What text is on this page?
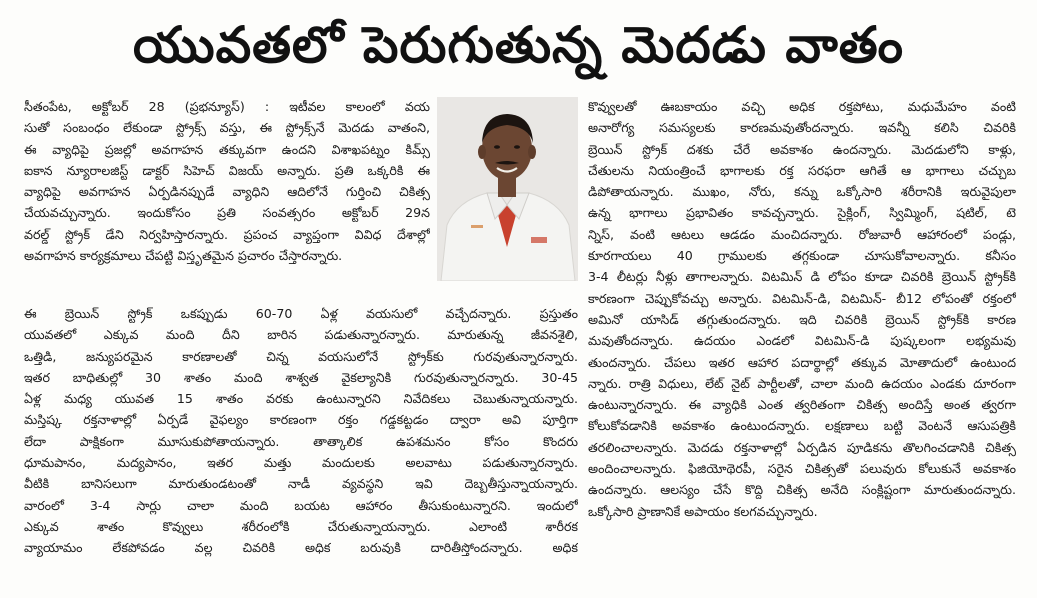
యువతలో పెరుగుతున్న మెదడు వాతం
సీతంపేట, అక్టోబర్ 28 (ప్రభన్యూస్) : ఇటీవల కాలంలో వయ
సుతో సంబంధం లేకుండా స్ట్రోక్స్ వస్తు, ఈ స్ట్రోక్స్‌నే మెదడు వాతంని,
ఈ వ్యాధిపై ప్రజల్లో అవగాహన తక్కువగా ఉందని విశాఖపట్నం కిమ్స్
ఐకాన న్యూరాలజిస్ట్ డాక్టర్ సిహెచ్ విజయ్ అన్నారు. ప్రతి ఒక్కరికి ఈ
వ్యాధిపై అవగాహన ఏర్పడినప్పుడే వ్యాధిని ఆదిలోనే గుర్తించి చికిత్స
చేయవచ్చున్నారు. ఇందుకోసం ప్రతి సంవత్సరం అక్టోబర్ 29న
వరల్డ్ స్ట్రోక్ డేని నిర్వహిస్తారన్నారు. ప్రపంచ వ్యాప్తంగా వివిధ దేశాల్లో
అవగాహన కార్యక్రమాలు చేపట్టి విస్తృతమైన ప్రచారం చేస్తారన్నారు.
ఈ బ్రెయిన్ స్ట్రోక్ ఒకప్పుడు 60-70 ఏళ్ల వయసులో వచ్చేదన్నారు. ప్రస్తుతం
యువతలో ఎక్కువ మంది దీని బారిన పడుతున్నారన్నారు. మారుతున్న జీవనశైలి,
ఒత్తిడి, జన్యుపరమైన కారణాలతో చిన్న వయసులోనే స్ట్రోక్‌కు గురవుతున్నారన్నారు.
ఇతర బాధితుల్లో 30 శాతం మంది శాశ్వత వైకల్యానికి గురవుతున్నారన్నారు. 30-45
ఏళ్ల మధ్య యువత 15 శాతం వరకు ఉంటున్నారని నివేదికలు చెబుతున్నాయన్నారు.
మస్తిష్క రక్తనాళాల్లో ఏర్పడే వైఫల్యం కారణంగా రక్తం గడ్డకట్టడం ద్వారా అవి పూర్తిగా
లేదా పాక్షికంగా మూసుకుపోతాయన్నారు. తాత్కాలిక ఉపశమనం కోసం కొందరు
ధూమపానం, మద్యపానం, ఇతర మత్తు మందులకు అలవాటు పడుతున్నారన్నారు.
వీటికి బానిసలుగా మారుతుండటంతో నాడీ వ్యవస్థని ఇవి దెబ్బతీస్తున్నాయన్నారు.
వారంలో 3-4 సార్లు చాలా మంది బయట ఆహారం తీసుకుంటున్నారని. ఇందులో
ఎక్కువ శాతం కొవ్వులు శరీరంలోకి చేరుతున్నాయన్నారు. ఎలాంటి శారీరక
వ్యాయామం లేకపోవడం వల్ల చివరికి అధిక బరువుకి దారితీస్తోందన్నారు. అధిక
కొవ్వులతో ఊబకాయం వచ్చి అధిక రక్తపోటు, మధుమేహం వంటి
అనారోగ్య సమస్యలకు కారణమవుతోందన్నారు. ఇవన్నీ కలిసి చివరికి
బ్రెయిన్ స్ట్రోక్ దశకు చేరే అవకాశం ఉందన్నారు. మెదడులోని కాళ్లు,
చేతులను నియంత్రించే భాగాలకు రక్త సరఫరా ఆగితే ఆ భాగాలు చచ్చుబ
డిపోతాయన్నారు. ముఖం, నోరు, కన్ను ఒక్కోసారి శరీరానికి ఇరువైపులా
ఉన్న భాగాలు ప్రభావితం కావచ్చన్నారు. సైక్లింగ్, స్విమ్మింగ్, షటిల్, టె
న్నిస్, వంటి ఆటలు ఆడడం మంచిదన్నారు. రోజువారీ ఆహారంలో పండ్లు,
కూరగాయలు 40 గ్రాములకు తగ్గకుండా చూసుకోవాలన్నారు. కనీసం
3-4 లీటర్లు నీళ్లు తాగాలన్నారు. విటమిన్ డి లోపం కూడా చివరికి బ్రెయిన్ స్ట్రోక్‌కి
కారణంగా చెప్పుకోవచ్చు అన్నారు. విటమిన్-డి, విటమిన్- బీ12 లోపంతో రక్తంలో
అమినో యాసిడ్ తగ్గుతుందన్నారు. ఇది చివరికి బ్రెయిన్ స్ట్రోక్‌కి కారణ
మవుతోందన్నారు. ఉదయం ఎండలో విటమిన్-డి పుష్కలంగా లభ్యమవు
తుందన్నారు. చేపలు ఇతర ఆహార పదార్థాల్లో తక్కువ మోతాదులో ఉంటుంద
న్నారు. రాత్రి విధులు, లేట్ నైట్ పార్టీలతో, చాలా మంది ఉదయం ఎండకు దూరంగా
ఉంటున్నారన్నారు. ఈ వ్యాధికి ఎంత త్వరితంగా చికిత్స అందిస్తే అంత త్వరగా
కోలుకోవడానికి అవకాశం ఉంటుందన్నారు. లక్షణాలు బట్టి వెంటనే ఆసుపత్రికి
తరలించాలన్నారు. మెదడు రక్తనాళాల్లో ఏర్పడిన పూడికను తొలగించడానికి చికిత్స
అందించాలన్నారు. ఫిజియోథెరపీ, సరైన చికిత్సతో పలువురు కోలుకునే అవకాశం
ఉందన్నారు. ఆలస్యం చేసే కొద్ది చికిత్స అనేది సంక్లిష్టంగా మారుతుందన్నారు.
ఒక్కోసారి ప్రాణానికే అపాయం కలగవచ్చున్నారు.
